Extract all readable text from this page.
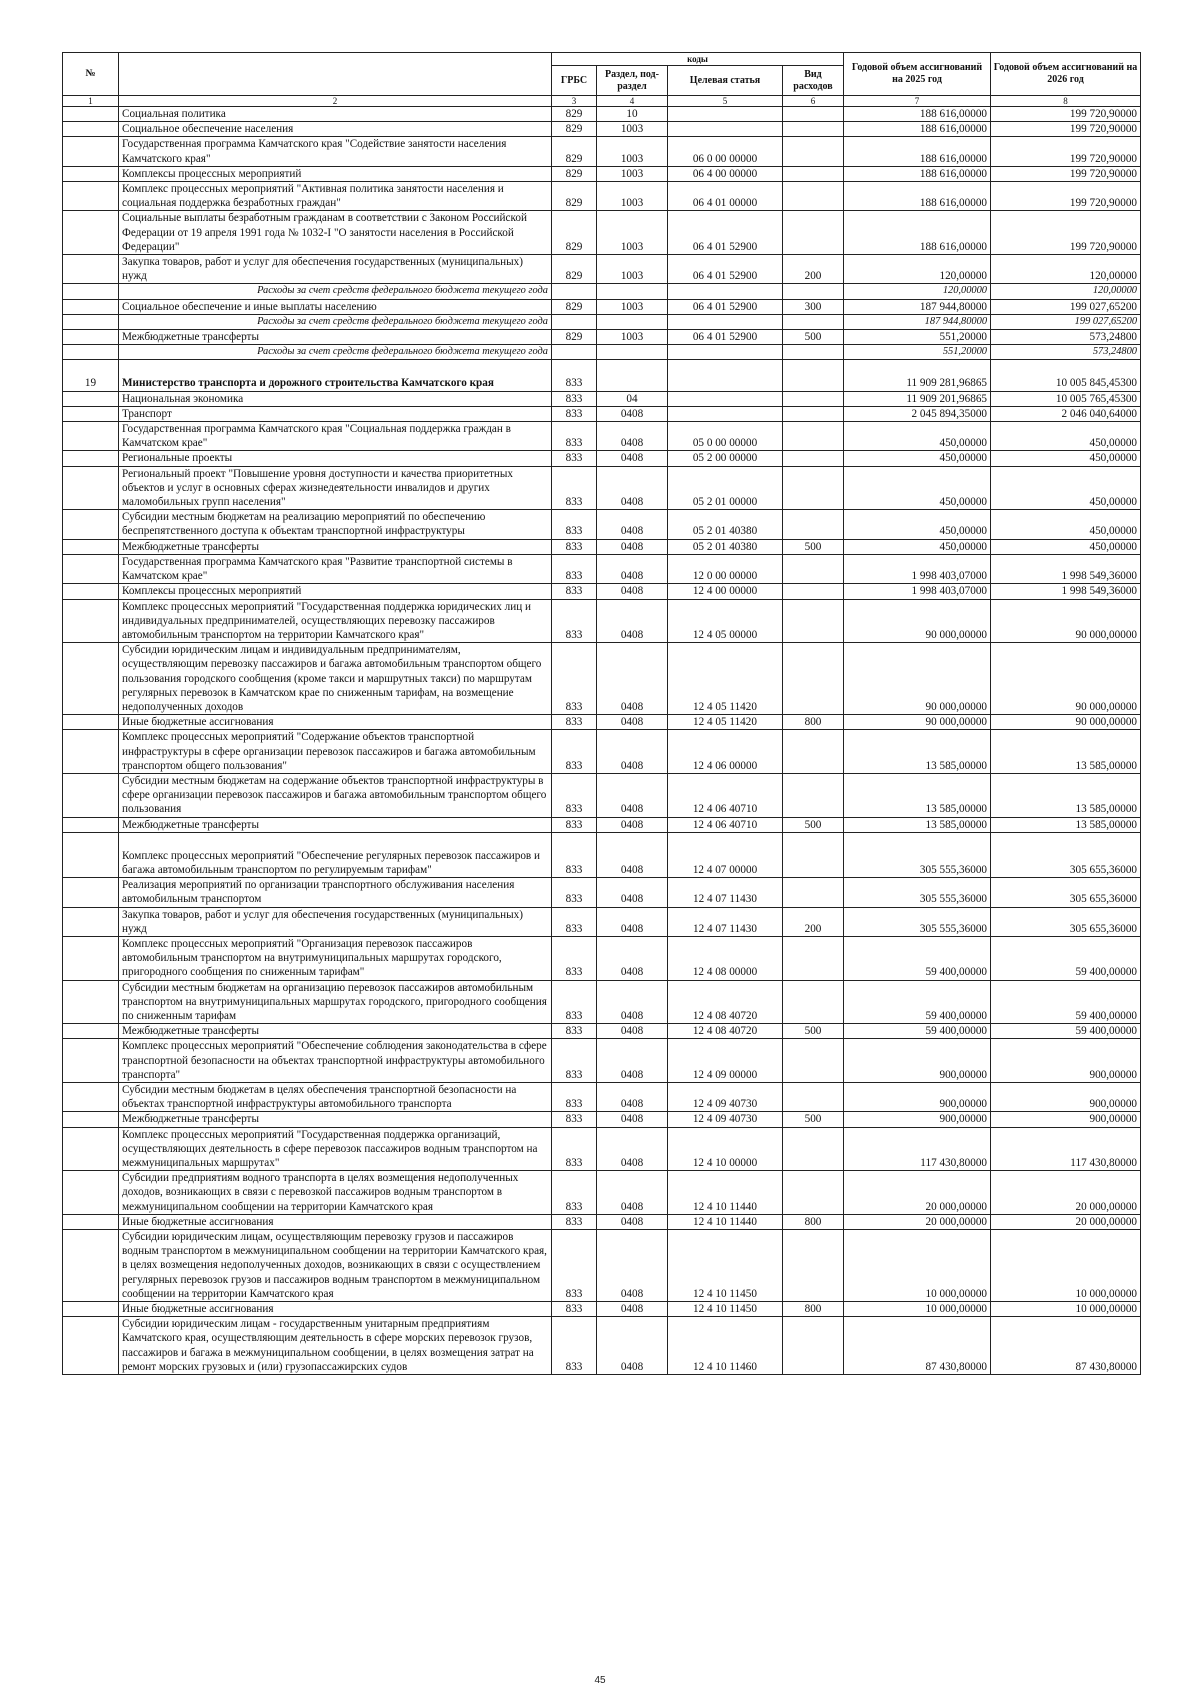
№		коды				Годовой объем ассигнований на 2025 год	Годовой объем ассигнований на 2026 год
		ГРБС	Раздел, под-раздел	Целевая статья	Вид расходов		
1	2	3	4	5	6	7	8
	Социальная политика	829	10			188 616,00000	199 720,90000
	Социальное обеспечение населения	829	1003			188 616,00000	199 720,90000
	Государственная программа Камчатского края "Содействие занятости населения Камчатского края"	829	1003	06 0 00 00000		188 616,00000	199 720,90000
	Комплексы процессных мероприятий	829	1003	06 4 00 00000		188 616,00000	199 720,90000
	Комплекс процессных мероприятий "Активная политика занятости населения и социальная поддержка безработных граждан"	829	1003	06 4 01 00000		188 616,00000	199 720,90000
	Социальные выплаты безработным гражданам в соответствии с Законом Российской Федерации от 19 апреля 1991 года № 1032-I "О занятости населения в Российской Федерации"	829	1003	06 4 01 52900		188 616,00000	199 720,90000
	Закупка товаров, работ и услуг для обеспечения государственных (муниципальных) нужд	829	1003	06 4 01 52900	200	120,00000	120,00000
	Расходы за счет средств федерального бюджета текущего года					120,00000	120,00000
	Социальное обеспечение и иные выплаты населению	829	1003	06 4 01 52900	300	187 944,80000	199 027,65200
	Расходы за счет средств федерального бюджета текущего года					187 944,80000	199 027,65200
	Межбюджетные трансферты	829	1003	06 4 01 52900	500	551,20000	573,24800
	Расходы за счет средств федерального бюджета текущего года					551,20000	573,24800
19	Министерство транспорта и дорожного строительства Камчатского края	833				11 909 281,96865	10 005 845,45300
	Национальная экономика	833	04			11 909 201,96865	10 005 765,45300
	Транспорт	833	0408			2 045 894,35000	2 046 040,64000
	Государственная программа Камчатского края "Социальная поддержка граждан в Камчатском крае"	833	0408	05 0 00 00000		450,00000	450,00000
	Региональные проекты	833	0408	05 2 00 00000		450,00000	450,00000
	Региональный проект "Повышение уровня доступности и качества приоритетных объектов и услуг в основных сферах жизнедеятельности инвалидов и других маломобильных групп населения"	833	0408	05 2 01 00000		450,00000	450,00000
	Субсидии местным бюджетам на реализацию мероприятий по обеспечению беспрепятственного доступа к объектам транспортной инфраструктуры	833	0408	05 2 01 40380		450,00000	450,00000
	Межбюджетные трансферты	833	0408	05 2 01 40380	500	450,00000	450,00000
	Государственная программа Камчатского края "Развитие транспортной системы в Камчатском крае"	833	0408	12 0 00 00000		1 998 403,07000	1 998 549,36000
	Комплексы процессных мероприятий	833	0408	12 4 00 00000		1 998 403,07000	1 998 549,36000
	Комплекс процессных мероприятий "Государственная поддержка юридических лиц и индивидуальных предпринимателей, осуществляющих перевозку пассажиров автомобильным транспортом на территории Камчатского края"	833	0408	12 4 05 00000		90 000,00000	90 000,00000
	Субсидии юридическим лицам и индивидуальным предпринимателям, осуществляющим перевозку пассажиров и багажа автомобильным транспортом общего пользования городского сообщения (кроме такси и маршрутных такси) по маршрутам регулярных перевозок в Камчатском крае по сниженным тарифам, на возмещение недополученных доходов	833	0408	12 4 05 11420		90 000,00000	90 000,00000
	Иные бюджетные ассигнования	833	0408	12 4 05 11420	800	90 000,00000	90 000,00000
	Комплекс процессных мероприятий "Содержание объектов транспортной инфраструктуры в сфере организации перевозок пассажиров и багажа автомобильным транспортом общего пользования"	833	0408	12 4 06 00000		13 585,00000	13 585,00000
	Субсидии местным бюджетам на содержание объектов транспортной инфраструктуры в сфере организации перевозок пассажиров и багажа автомобильным транспортом общего пользования	833	0408	12 4 06 40710		13 585,00000	13 585,00000
	Межбюджетные трансферты	833	0408	12 4 06 40710	500	13 585,00000	13 585,00000
	Комплекс процессных мероприятий "Обеспечение регулярных перевозок пассажиров и багажа автомобильным транспортом по регулируемым тарифам"	833	0408	12 4 07 00000		305 555,36000	305 655,36000
	Реализация мероприятий по организации транспортного обслуживания населения автомобильным транспортом	833	0408	12 4 07 11430		305 555,36000	305 655,36000
	Закупка товаров, работ и услуг для обеспечения государственных (муниципальных) нужд	833	0408	12 4 07 11430	200	305 555,36000	305 655,36000
	Комплекс процессных мероприятий "Организация перевозок пассажиров автомобильным транспортом на внутримуниципальных маршрутах городского, пригородного сообщения по сниженным тарифам"	833	0408	12 4 08 00000		59 400,00000	59 400,00000
	Субсидии местным бюджетам на организацию перевозок пассажиров автомобильным транспортом на внутримуниципальных маршрутах городского, пригородного сообщения по сниженным тарифам	833	0408	12 4 08 40720		59 400,00000	59 400,00000
	Межбюджетные трансферты	833	0408	12 4 08 40720	500	59 400,00000	59 400,00000
	Комплекс процессных мероприятий "Обеспечение соблюдения законодательства в сфере транспортной безопасности на объектах транспортной инфраструктуры автомобильного транспорта"	833	0408	12 4 09 00000		900,00000	900,00000
	Субсидии местным бюджетам в целях обеспечения транспортной безопасности на объектах транспортной инфраструктуры автомобильного транспорта	833	0408	12 4 09 40730		900,00000	900,00000
	Межбюджетные трансферты	833	0408	12 4 09 40730	500	900,00000	900,00000
	Комплекс процессных мероприятий "Государственная поддержка организаций, осуществляющих деятельность в сфере перевозок пассажиров водным транспортом на межмуниципальных маршрутах"	833	0408	12 4 10 00000		117 430,80000	117 430,80000
	Субсидии предприятиям водного транспорта в целях возмещения недополученных доходов, возникающих в связи с перевозкой пассажиров водным транспортом в межмуниципальном сообщении на территории Камчатского края	833	0408	12 4 10 11440		20 000,00000	20 000,00000
	Иные бюджетные ассигнования	833	0408	12 4 10 11440	800	20 000,00000	20 000,00000
	Субсидии юридическим лицам, осуществляющим перевозку грузов и пассажиров водным транспортом в межмуниципальном сообщении на территории Камчатского края, в целях возмещения недополученных доходов, возникающих в связи с осуществлением регулярных перевозок грузов и пассажиров водным транспортом в межмуниципальном сообщении на территории Камчатского края	833	0408	12 4 10 11450		10 000,00000	10 000,00000
	Иные бюджетные ассигнования	833	0408	12 4 10 11450	800	10 000,00000	10 000,00000
	Субсидии юридическим лицам - государственным унитарным предприятиям Камчатского края, осуществляющим деятельность в сфере морских перевозок грузов, пассажиров и багажа в межмуниципальном сообщении, в целях возмещения затрат на ремонт морских грузовых и (или) грузопассажирских судов	833	0408	12 4 10 11460		87 430,80000	87 430,80000
45
